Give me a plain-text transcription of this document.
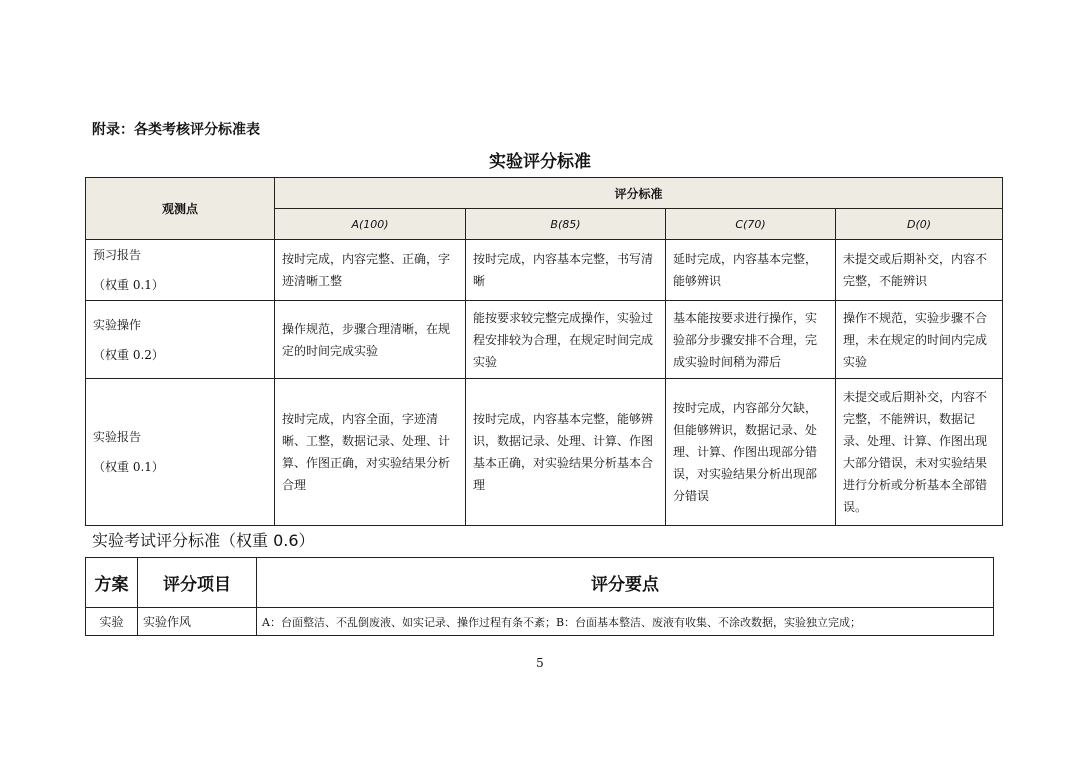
附录：各类考核评分标准表
实验评分标准
观测点	评分标准			
	A(100)	B(85)	C(70)	D(0)

预习报告
（权重 0.1）	按时完成，内容完整、正确，字迹清晰工整	按时完成，内容基本完整，书写清晰	延时完成，内容基本完整，能够辨识	未提交或后期补交，内容不完整，不能辨识

实验操作
（权重 0.2）	操作规范，步骤合理清晰，在规定的时间完成实验	能按要求较完整完成操作，实验过程安排较为合理，在规定时间完成实验	基本能按要求进行操作，实验部分步骤安排不合理，完成实验时间稍为滞后	操作不规范，实验步骤不合理，未在规定的时间内完成实验

实验报告
（权重 0.1）	按时完成，内容全面，字迹清晰、工整，数据记录、处理、计算、作图正确，对实验结果分析合理	按时完成，内容基本完整，能够辨识，数据记录、处理、计算、作图基本正确，对实验结果分析基本合理	按时完成，内容部分欠缺，但能够辨识，数据记录、处理、计算、作图出现部分错误，对实验结果分析出现部分错误	未提交或后期补交，内容不完整，不能辨识，数据记录、处理、计算、作图出现大部分错误，未对实验结果进行分析或分析基本全部错误。
实验考试评分标准（权重 0.6）
方案	评分项目	评分要点
实验	实验作风	A：台面整洁、不乱倒废液、如实记录、操作过程有条不紊；B：台面基本整洁、废液有收集、不涂改数据，实验独立完成；
5
